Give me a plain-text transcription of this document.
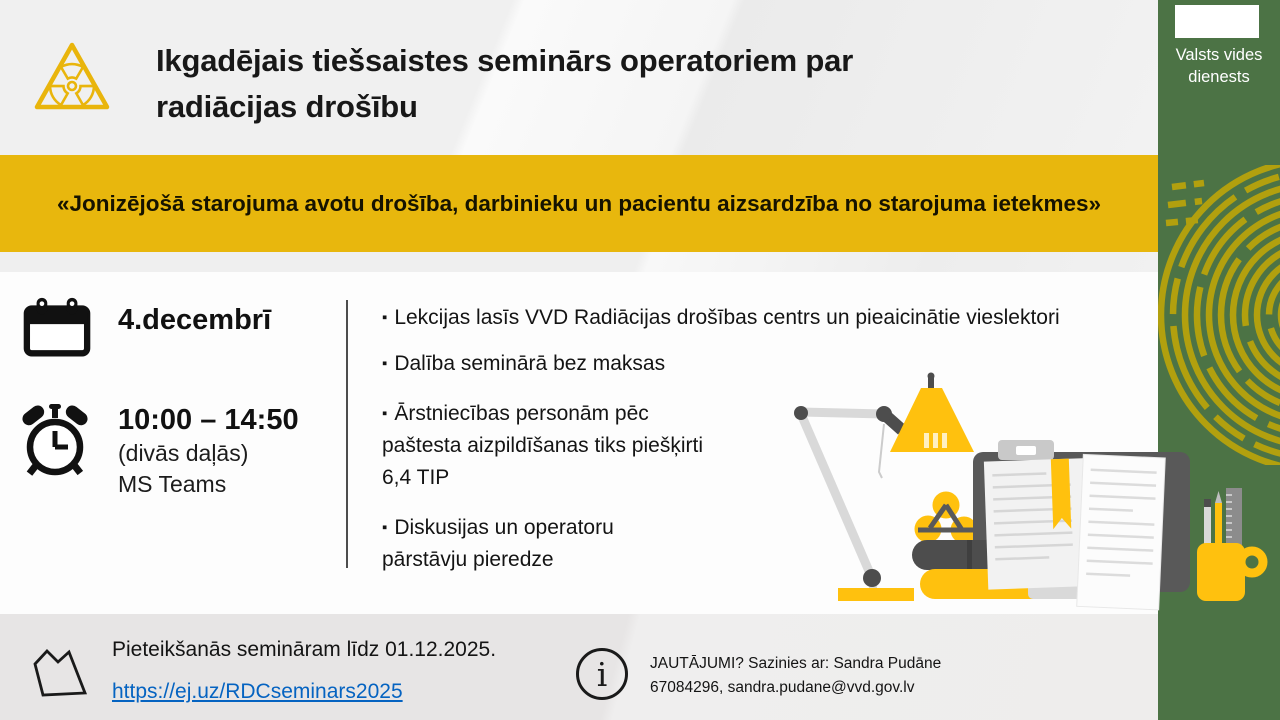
Ikgadējais tiešsaistes seminārs operatoriem par
radiācijas drošību
«Jonizējošā starojuma avotu drošība, darbinieku un pacientu aizsardzība no starojuma ietekmes»
4.decembrī
10:00 – 14:50
(divās daļās)
MS Teams
▪ Lekcijas lasīs VVD Radiācijas drošības centrs un pieaicinātie vieslektori
▪ Dalība seminārā bez maksas
▪ Ārstniecības personām pēc paštesta aizpildīšanas tiks piešķirti 6,4 TIP
▪ Diskusijas un operatoru pārstāvju pieredze
Pieteikšanās semināram līdz 01.12.2025.
https://ej.uz/RDCseminars2025	i	JAUTĀJUMI? Sazinies ar: Sandra Pudāne
67084296, sandra.pudane@vvd.gov.lv
Valsts vides
dienests
